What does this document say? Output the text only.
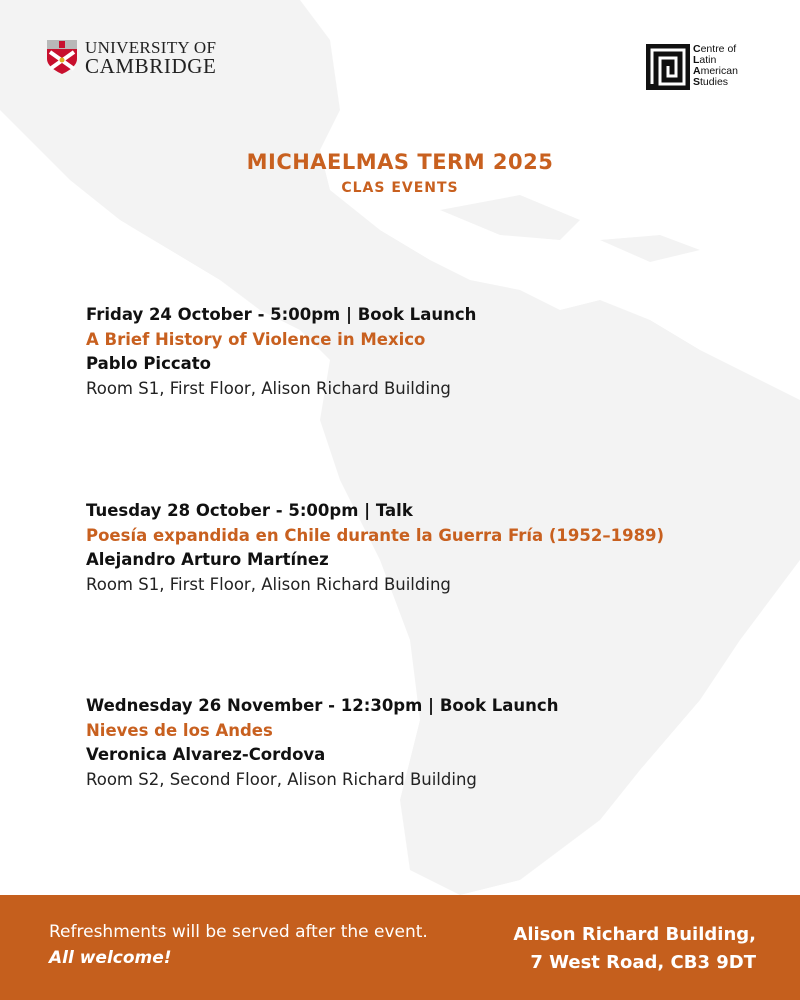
UNIVERSITY OF
CAMBRIDGE
Centre of
Latin
American
Studies
MICHAELMAS TERM 2025
CLAS EVENTS
Friday 24 October - 5:00pm | Book Launch
A Brief History of Violence in Mexico
Pablo Piccato
Room S1, First Floor, Alison Richard Building
Tuesday 28 October - 5:00pm | Talk
Poesía expandida en Chile durante la Guerra Fría (1952–1989)
Alejandro Arturo Martínez
Room S1, First Floor, Alison Richard Building
Wednesday 26 November - 12:30pm | Book Launch
Nieves de los Andes
Veronica Alvarez-Cordova
Room S2, Second Floor, Alison Richard Building
Refreshments will be served after the event.
All welcome!
Alison Richard Building,
7 West Road, CB3 9DT
